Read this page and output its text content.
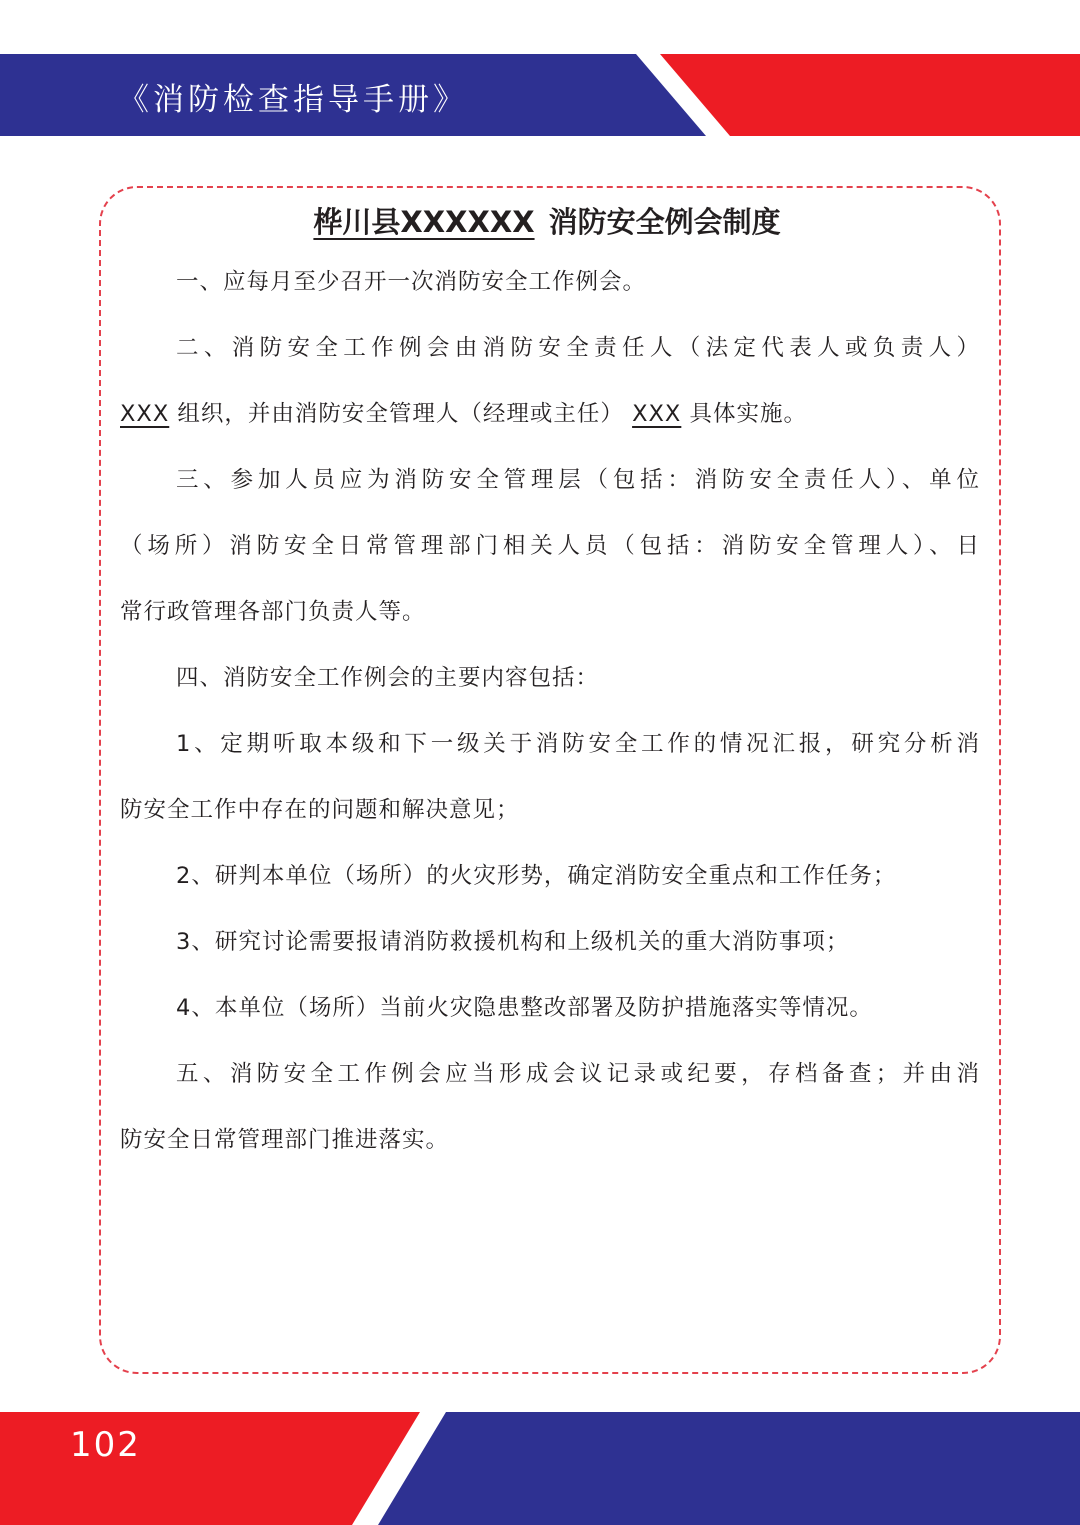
《消防检查指导手册》
桦川县XXXXXX 消防安全例会制度

一、应每月至少召开一次消防安全工作例会。

二、消防安全工作例会由消防安全责任人（法定代表人或负责人）

XXX 组织，并由消防安全管理人（经理或主任） XXX 具体实施。

三、参加人员应为消防安全管理层（包括：消防安全责任人）、单位

（场所）消防安全日常管理部门相关人员（包括：消防安全管理人）、日

常行政管理各部门负责人等。

四、消防安全工作例会的主要内容包括：

1、定期听取本级和下一级关于消防安全工作的情况汇报，研究分析消

防安全工作中存在的问题和解决意见；

2、研判本单位（场所）的火灾形势，确定消防安全重点和工作任务；

3、研究讨论需要报请消防救援机构和上级机关的重大消防事项；

4、本单位（场所）当前火灾隐患整改部署及防护措施落实等情况。

五、消防安全工作例会应当形成会议记录或纪要，存档备查；并由消

防安全日常管理部门推进落实。

102
